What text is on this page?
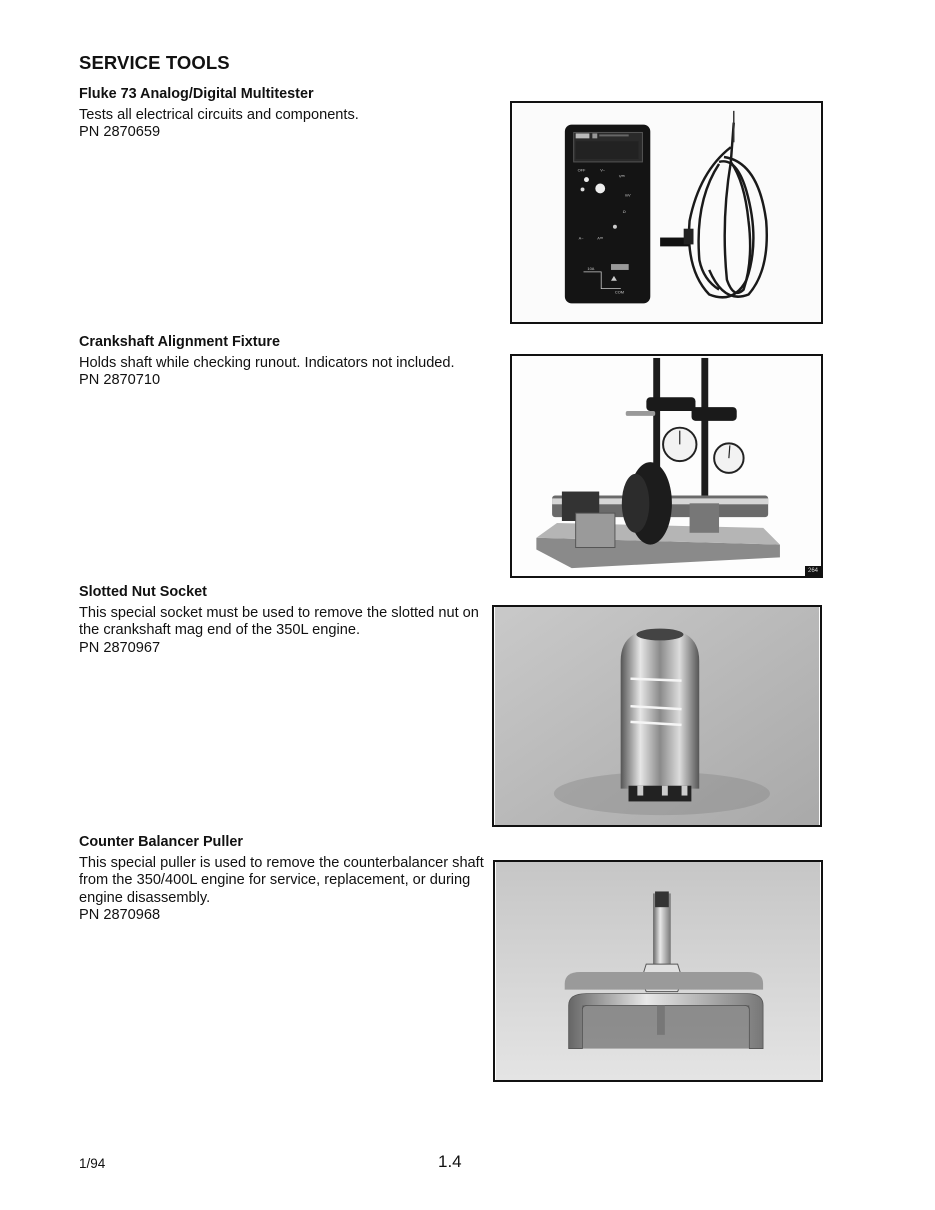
SERVICE TOOLS
Fluke 73 Analog/Digital Multitester
Tests all electrical circuits and components.
PN 2870659
OFF	V~
V⎓
mV
Ω
A~	A⎓
10A
COM
Crankshaft Alignment Fixture
Holds shaft while checking runout. Indicators not included.
PN 2870710
264
Slotted Nut Socket
This special socket must be used to remove the slotted nut on the crankshaft mag end of the 350L engine.
PN 2870967
Counter Balancer Puller
This special puller is used to remove the counterbalancer shaft from the 350/400L engine for service, replacement, or during engine disassembly.
PN 2870968
1/94	1.4
